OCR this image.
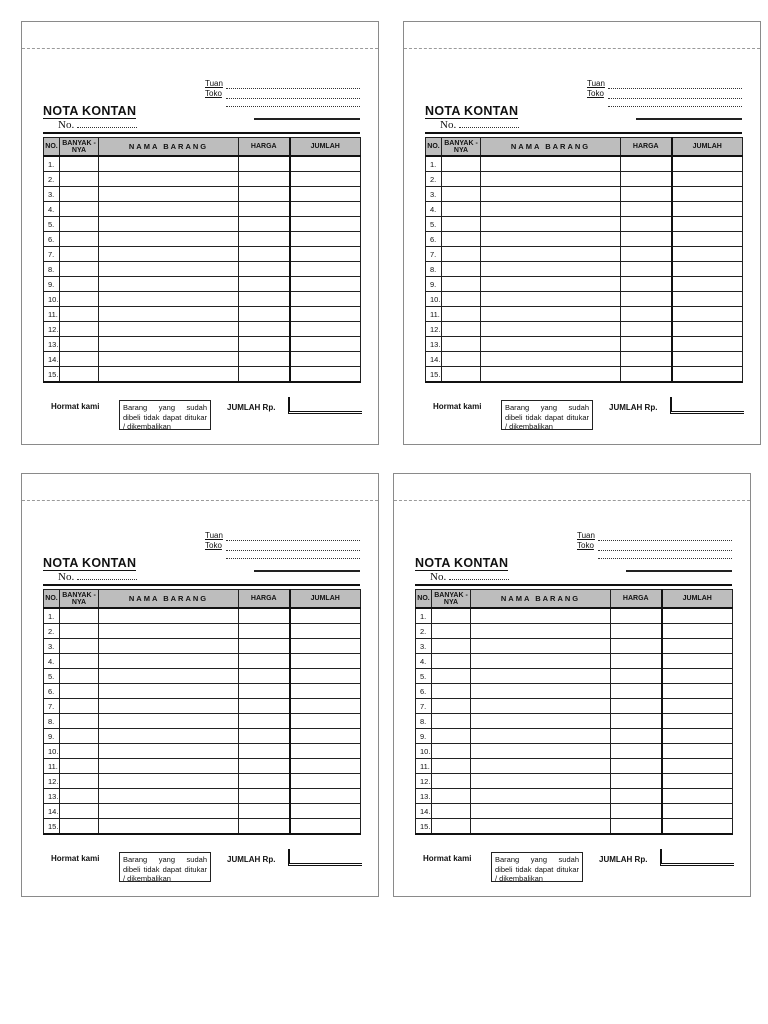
Tuan
Toko
NOTA KONTAN
No.
NO.	BANYAK -NYA	NAMA BARANG	HARGA	JUMLAH
1.				
2.				
3.				
4.				
5.				
6.				
7.				
8.				
9.				
10.				
11.				
12.				
13.				
14.				
15.				
Hormat kami	Barang yang sudah dibeli tidak dapat ditukar / dikembalikan
JUMLAH Rp.
Tuan
Toko
NOTA KONTAN
No.
NO.	BANYAK -NYA	NAMA BARANG	HARGA	JUMLAH
1.				
2.				
3.				
4.				
5.				
6.				
7.				
8.				
9.				
10.				
11.				
12.				
13.				
14.				
15.				
Hormat kami	Barang yang sudah dibeli tidak dapat ditukar / dikembalikan
JUMLAH Rp.
Tuan
Toko
NOTA KONTAN
No.
NO.	BANYAK -NYA	NAMA BARANG	HARGA	JUMLAH
1.				
2.				
3.				
4.				
5.				
6.				
7.				
8.				
9.				
10.				
11.				
12.				
13.				
14.				
15.				
Hormat kami	Barang yang sudah dibeli tidak dapat ditukar / dikembalikan
JUMLAH Rp.
Tuan
Toko
NOTA KONTAN
No.
NO.	BANYAK -NYA	NAMA BARANG	HARGA	JUMLAH
1.				
2.				
3.				
4.				
5.				
6.				
7.				
8.				
9.				
10.				
11.				
12.				
13.				
14.				
15.				
Hormat kami	Barang yang sudah dibeli tidak dapat ditukar / dikembalikan
JUMLAH Rp.
